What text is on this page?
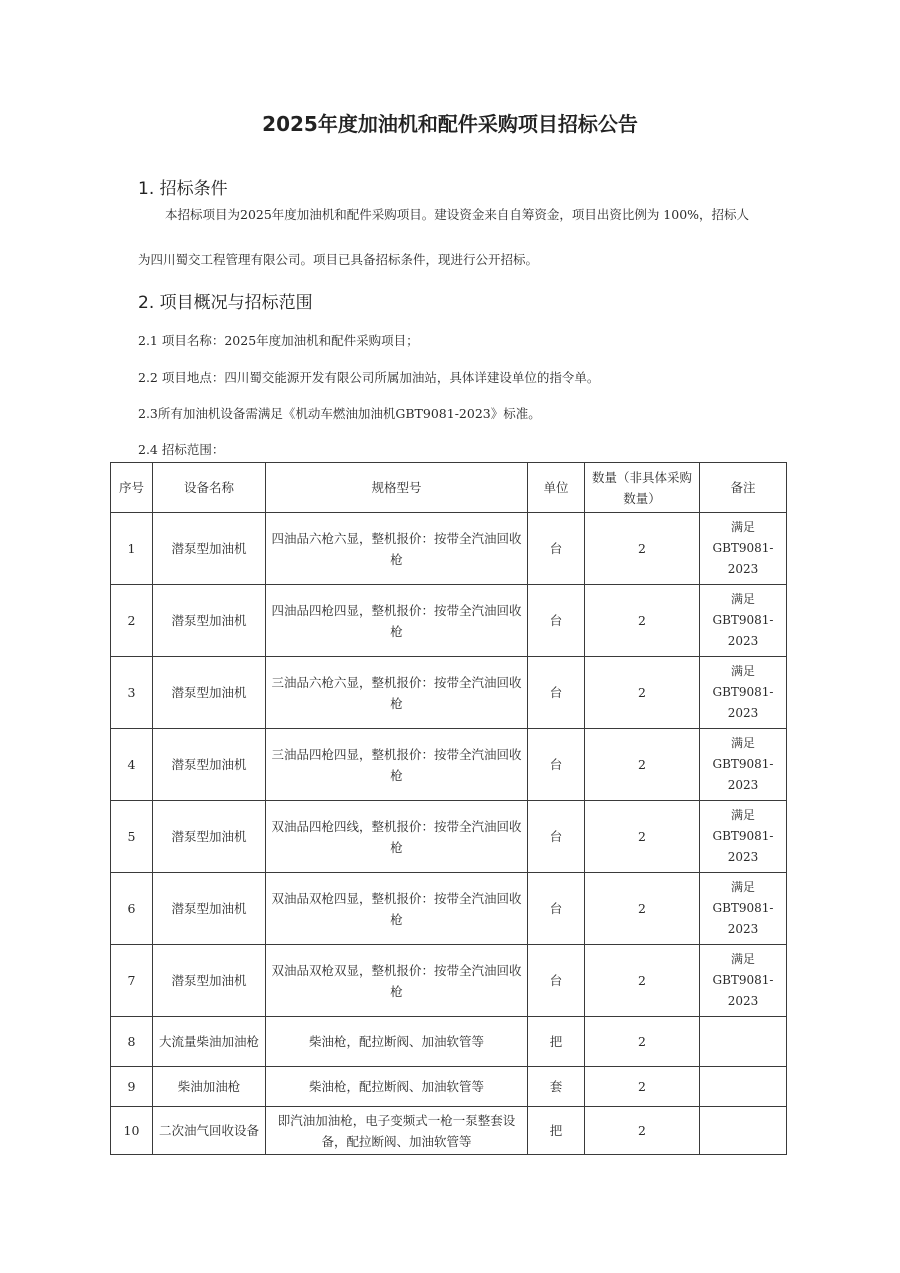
2025年度加油机和配件采购项目招标公告
1. 招标条件
本招标项目为2025年度加油机和配件采购项目。建设资金来自自筹资金，项目出资比例为 100%，招标人
为四川蜀交工程管理有限公司。项目已具备招标条件，现进行公开招标。
2. 项目概况与招标范围
2.1 项目名称：2025年度加油机和配件采购项目；
2.2 项目地点：四川蜀交能源开发有限公司所属加油站，具体详建设单位的指令单。
2.3所有加油机设备需满足《机动车燃油加油机GBT9081-2023》标准。
2.4 招标范围：
序号	设备名称	规格型号	单位	数量（非具体采购数量）	备注
1	潜泵型加油机	四油品六枪六显，整机报价：按带全汽油回收枪	台	2	满足GBT9081-2023
2	潜泵型加油机	四油品四枪四显，整机报价：按带全汽油回收枪	台	2	满足GBT9081-2023
3	潜泵型加油机	三油品六枪六显，整机报价：按带全汽油回收枪	台	2	满足GBT9081-2023
4	潜泵型加油机	三油品四枪四显，整机报价：按带全汽油回收枪	台	2	满足GBT9081-2023
5	潜泵型加油机	双油品四枪四线，整机报价：按带全汽油回收枪	台	2	满足GBT9081-2023
6	潜泵型加油机	双油品双枪四显，整机报价：按带全汽油回收枪	台	2	满足GBT9081-2023
7	潜泵型加油机	双油品双枪双显，整机报价：按带全汽油回收枪	台	2	满足GBT9081-2023
8	大流量柴油加油枪	柴油枪，配拉断阀、加油软管等	把	2	
9	柴油加油枪	柴油枪，配拉断阀、加油软管等	套	2	
10	二次油气回收设备	即汽油加油枪，电子变频式一枪一泵整套设备，配拉断阀、加油软管等	把	2	
